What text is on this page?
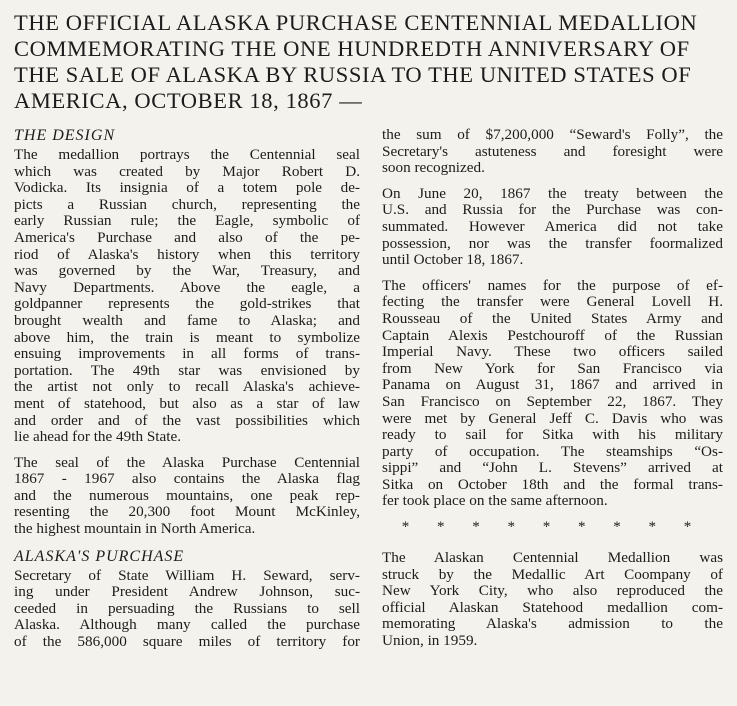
THE OFFICIAL ALASKA PURCHASE CENTENNIAL MEDALLION
COMMEMORATING THE ONE HUNDREDTH ANNIVERSARY OF
THE SALE OF ALASKA BY RUSSIA TO THE UNITED STATES OF
AMERICA, OCTOBER 18, 1867 —
THE DESIGN
The medallion portrays the Centennial seal
which was created by Major Robert D.
Vodicka. Its insignia of a totem pole de-
picts a Russian church, representing the
early Russian rule; the Eagle, symbolic of
America's Purchase and also of the pe-
riod of Alaska's history when this territory
was governed by the War, Treasury, and
Navy Departments. Above the eagle, a
goldpanner represents the gold-strikes that
brought wealth and fame to Alaska; and
above him, the train is meant to symbolize
ensuing improvements in all forms of trans-
portation. The 49th star was envisioned by
the artist not only to recall Alaska's achieve-
ment of statehood, but also as a star of law
and order and of the vast possibilities which
lie ahead for the 49th State.
The seal of the Alaska Purchase Centennial
1867 - 1967 also contains the Alaska flag
and the numerous mountains, one peak rep-
resenting the 20,300 foot Mount McKinley,
the highest mountain in North America.
ALASKA'S PURCHASE
Secretary of State William H. Seward, serv-
ing under President Andrew Johnson, suc-
ceeded in persuading the Russians to sell
Alaska. Although many called the purchase
of the 586,000 square miles of territory for
the sum of $7,200,000 “Seward's Folly”, the
Secretary's astuteness and foresight were
soon recognized.
On June 20, 1867 the treaty between the
U.S. and Russia for the Purchase was con-
summated. However America did not take
possession, nor was the transfer foormalized
until October 18, 1867.
The officers' names for the purpose of ef-
fecting the transfer were General Lovell H.
Rousseau of the United States Army and
Captain Alexis Pestchouroff of the Russian
Imperial Navy. These two officers sailed
from New York for San Francisco via
Panama on August 31, 1867 and arrived in
San Francisco on September 22, 1867. They
were met by General Jeff C. Davis who was
ready to sail for Sitka with his military
party of occupation. The steamships “Os-
sippi” and “John L. Stevens” arrived at
Sitka on October 18th and the formal trans-
fer took place on the same afternoon.
* * * * * * * * *
The Alaskan Centennial Medallion was
struck by the Medallic Art Coompany of
New York City, who also reproduced the
official Alaskan Statehood medallion com-
memorating Alaska's admission to the
Union, in 1959.
